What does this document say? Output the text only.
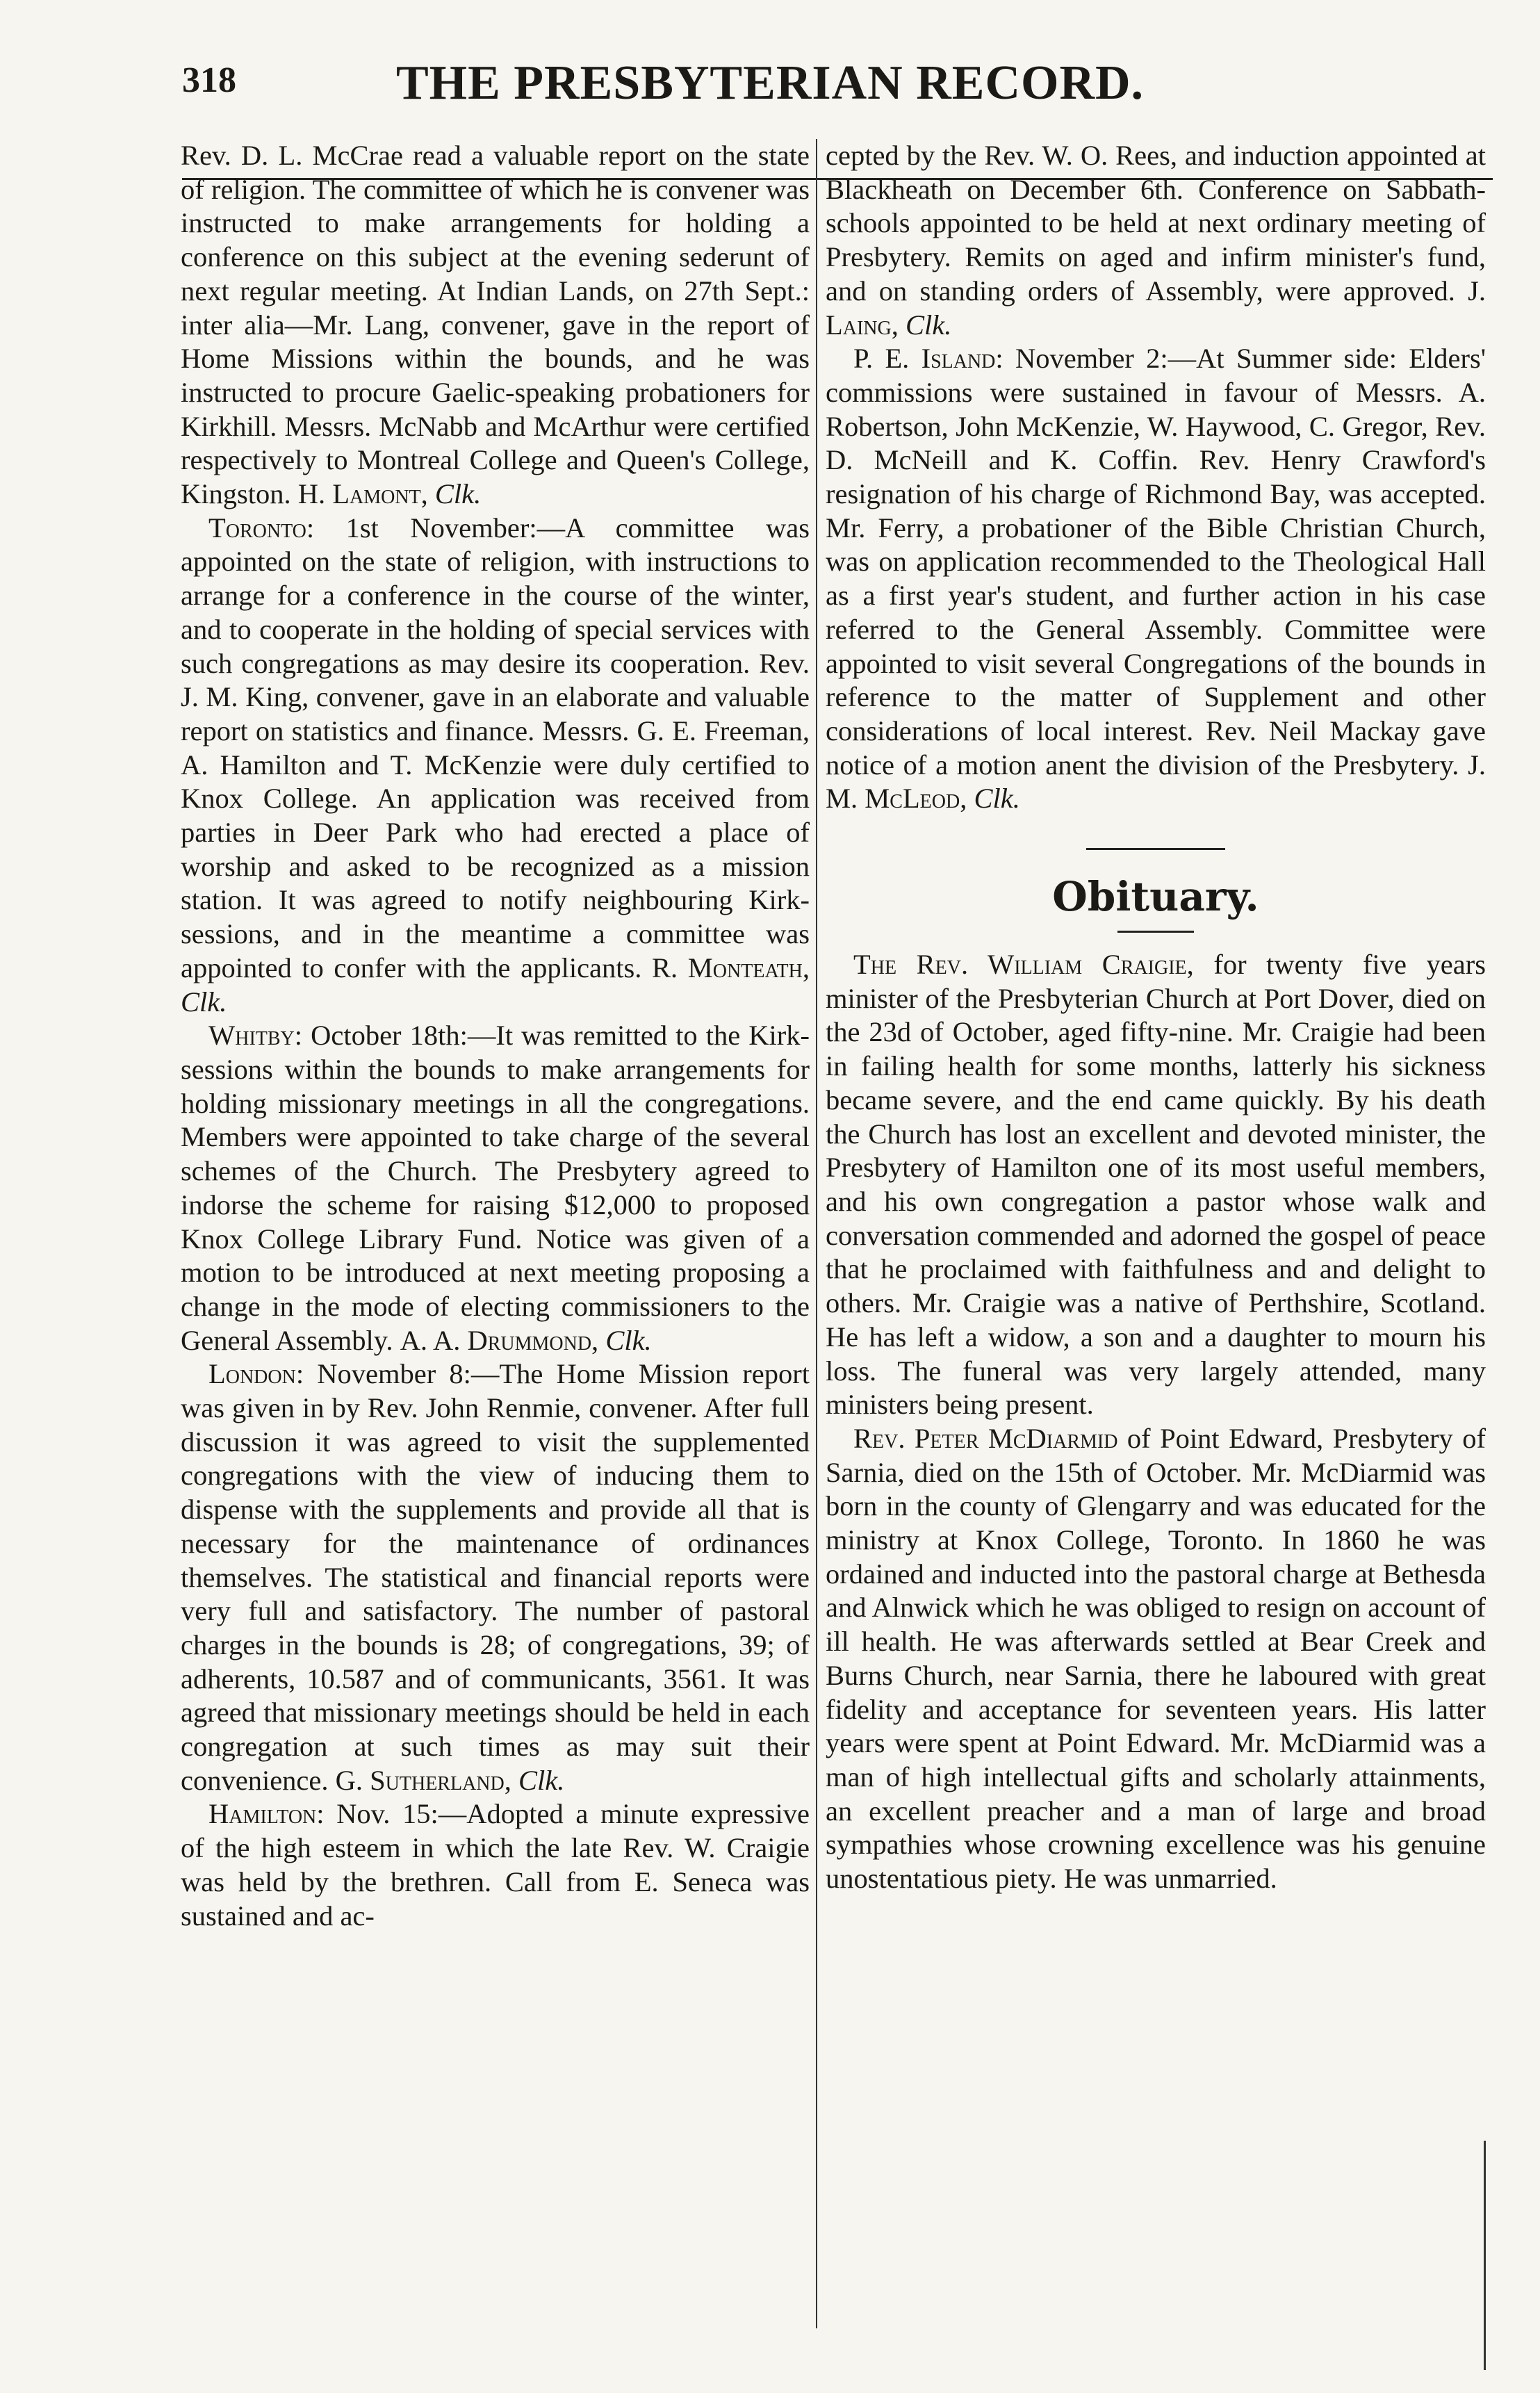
THE PRESBYTERIAN RECORD.
318

Rev. D. L. McCrae read a valuable report on the state of religion. The committee of which he is convener was instructed to make arrangements for holding a conference on this subject at the evening sederunt of next regular meeting. At Indian Lands, on 27th Sept.: inter alia—Mr. Lang, convener, gave in the report of Home Missions within the bounds, and he was instructed to procure Gaelic-speaking probationers for Kirkhill. Messrs. McNabb and McArthur were certified respectively to Montreal College and Queen's College, Kingston. H. Lamont, Clk.

Toronto: 1st November:—A committee was appointed on the state of religion, with instructions to arrange for a conference in the course of the winter, and to cooperate in the holding of special services with such congregations as may desire its cooperation. Rev. J. M. King, convener, gave in an elaborate and valuable report on statistics and finance. Messrs. G. E. Freeman, A. Hamilton and T. McKenzie were duly certified to Knox College. An application was received from parties in Deer Park who had erected a place of worship and asked to be recognized as a mission station. It was agreed to notify neighbouring Kirk-sessions, and in the meantime a committee was appointed to confer with the applicants. R. Monteath, Clk.

Whitby: October 18th:—It was remitted to the Kirk-sessions within the bounds to make arrangements for holding missionary meetings in all the congregations. Members were appointed to take charge of the several schemes of the Church. The Presbytery agreed to indorse the scheme for raising $12,000 to proposed Knox College Library Fund. Notice was given of a motion to be introduced at next meeting proposing a change in the mode of electing commissioners to the General Assembly. A. A. Drummond, Clk.

London: November 8:—The Home Mission report was given in by Rev. John Renmie, convener. After full discussion it was agreed to visit the supplemented congregations with the view of inducing them to dispense with the supplements and provide all that is necessary for the maintenance of ordinances themselves. The statistical and financial reports were very full and satisfactory. The number of pastoral charges in the bounds is 28; of congregations, 39; of adherents, 10.587 and of communicants, 3561. It was agreed that missionary meetings should be held in each congregation at such times as may suit their convenience. G. Sutherland, Clk.

Hamilton: Nov. 15:—Adopted a minute expressive of the high esteem in which the late Rev. W. Craigie was held by the brethren. Call from E. Seneca was sustained and ac-

cepted by the Rev. W. O. Rees, and induction appointed at Blackheath on December 6th. Conference on Sabbath-schools appointed to be held at next ordinary meeting of Presbytery. Remits on aged and infirm minister's fund, and on standing orders of Assembly, were approved. J. Laing, Clk.

P. E. Island: November 2:—At Summer side: Elders' commissions were sustained in favour of Messrs. A. Robertson, John McKenzie, W. Haywood, C. Gregor, Rev. D. McNeill and K. Coffin. Rev. Henry Crawford's resignation of his charge of Richmond Bay, was accepted. Mr. Ferry, a probationer of the Bible Christian Church, was on application recommended to the Theological Hall as a first year's student, and further action in his case referred to the General Assembly. Committee were appointed to visit several Congregations of the bounds in reference to the matter of Supplement and other considerations of local interest. Rev. Neil Mackay gave notice of a motion anent the division of the Presbytery. J. M. McLeod, Clk.

Obituary.

The Rev. William Craigie, for twenty five years minister of the Presbyterian Church at Port Dover, died on the 23d of October, aged fifty-nine. Mr. Craigie had been in failing health for some months, latterly his sickness became severe, and the end came quickly. By his death the Church has lost an excellent and devoted minister, the Presbytery of Hamilton one of its most useful members, and his own congregation a pastor whose walk and conversation commended and adorned the gospel of peace that he proclaimed with faithfulness and and delight to others. Mr. Craigie was a native of Perthshire, Scotland. He has left a widow, a son and a daughter to mourn his loss. The funeral was very largely attended, many ministers being present.

Rev. Peter McDiarmid of Point Edward, Presbytery of Sarnia, died on the 15th of October. Mr. McDiarmid was born in the county of Glengarry and was educated for the ministry at Knox College, Toronto. In 1860 he was ordained and inducted into the pastoral charge at Bethesda and Alnwick which he was obliged to resign on account of ill health. He was afterwards settled at Bear Creek and Burns Church, near Sarnia, there he laboured with great fidelity and acceptance for seventeen years. His latter years were spent at Point Edward. Mr. McDiarmid was a man of high intellectual gifts and scholarly attainments, an excellent preacher and a man of large and broad sympathies whose crowning excellence was his genuine unostentatious piety. He was unmarried.
